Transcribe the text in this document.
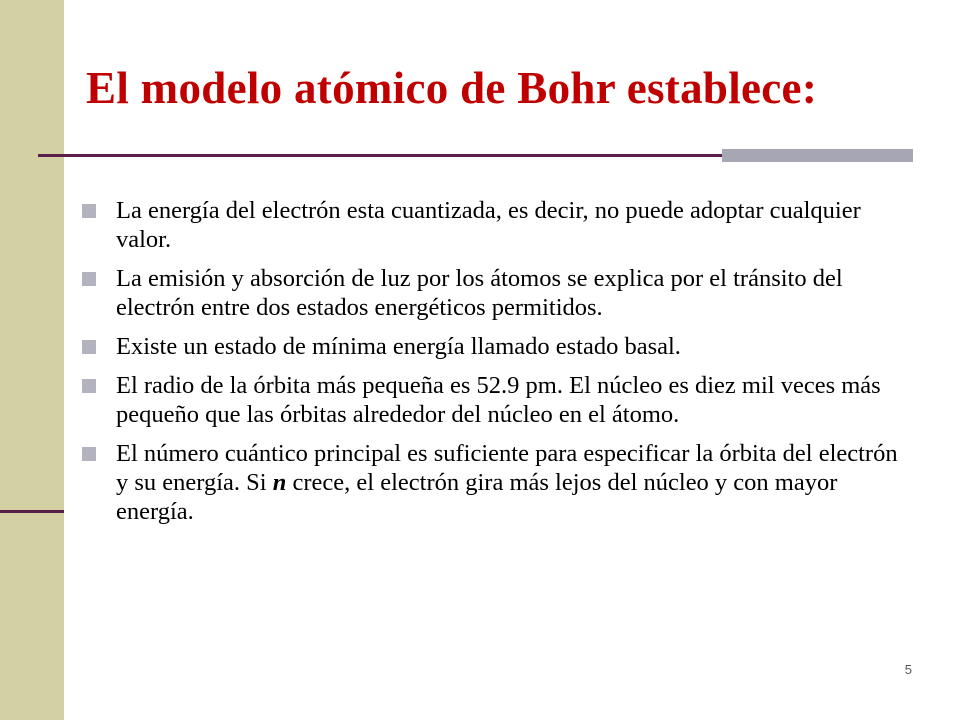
El modelo atómico de Bohr establece:
La energía del electrón esta cuantizada, es decir, no puede adoptar cualquier valor.
La emisión y absorción de luz por los átomos se explica por el tránsito del electrón entre dos estados energéticos permitidos.
Existe un estado de mínima energía llamado estado basal.
El radio de la órbita más pequeña es 52.9 pm. El núcleo es diez mil veces más pequeño que las órbitas alrededor del núcleo en el átomo.
El número cuántico principal es suficiente para especificar la órbita del electrón y su energía. Si n crece, el electrón gira más lejos del núcleo y con mayor energía.
5
